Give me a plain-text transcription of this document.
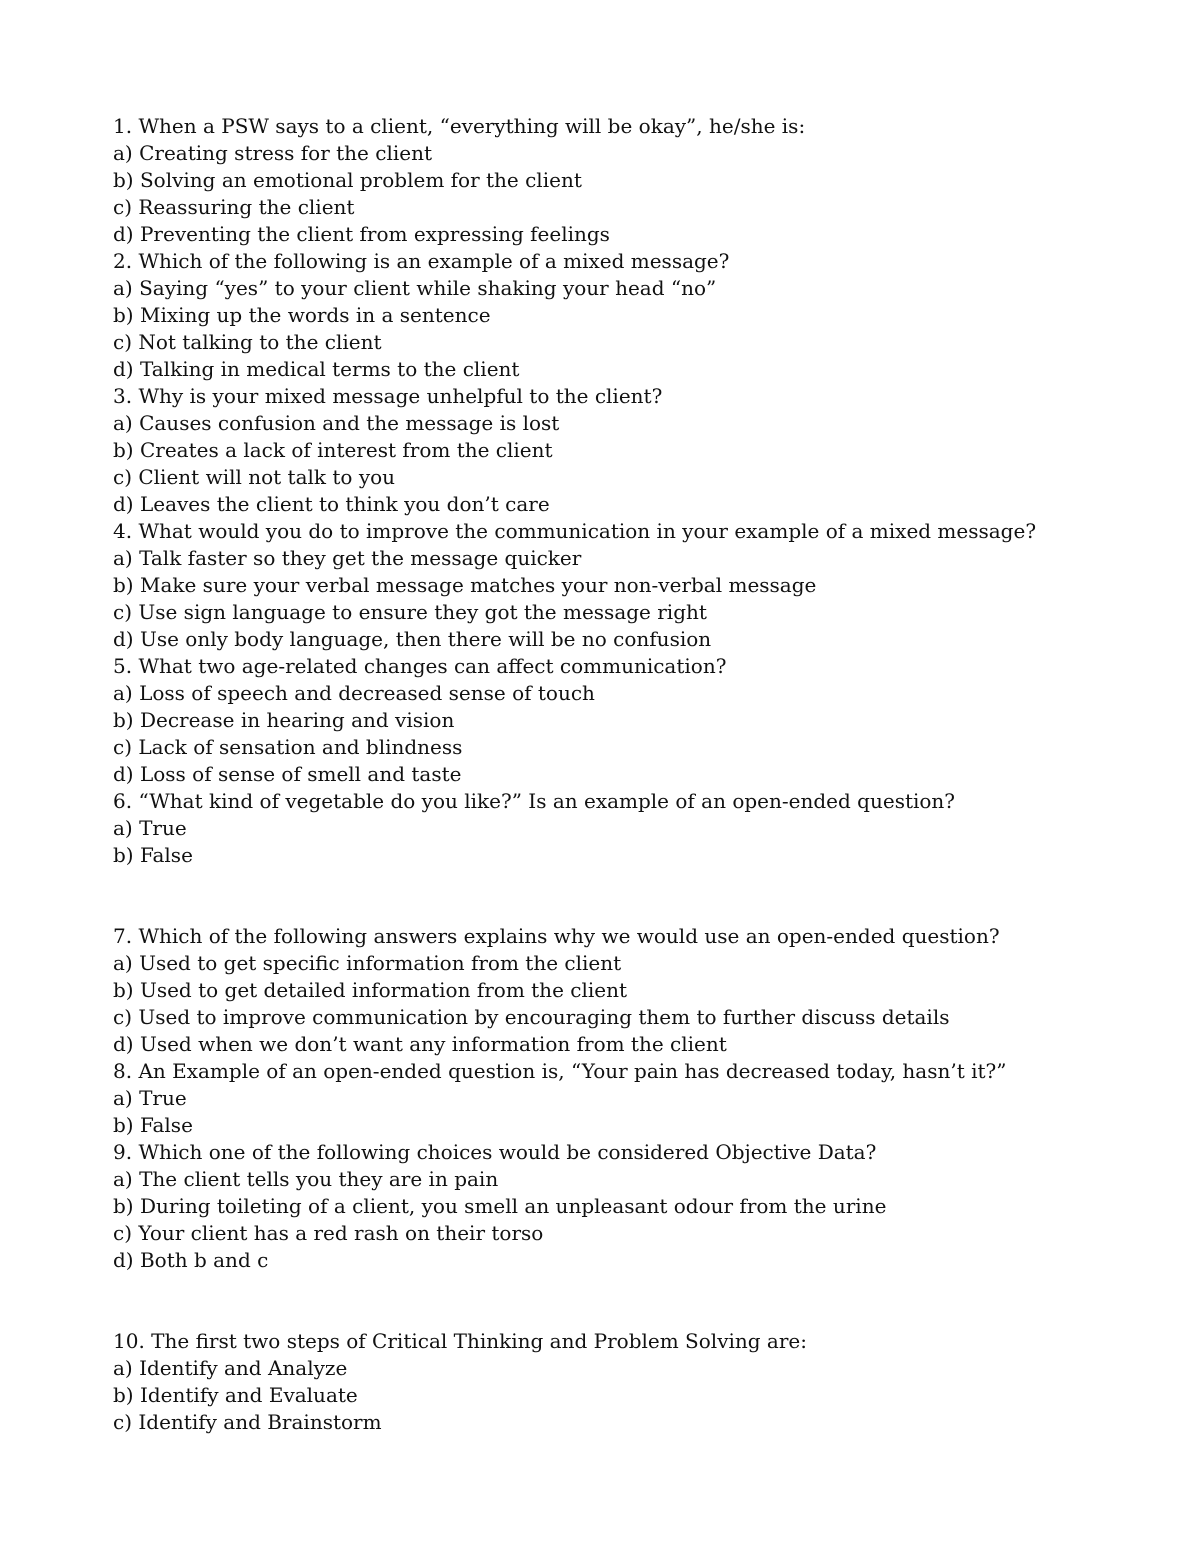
1. When a PSW says to a client, “everything will be okay”, he/she is:
a) Creating stress for the client
b) Solving an emotional problem for the client
c) Reassuring the client
d) Preventing the client from expressing feelings
2. Which of the following is an example of a mixed message?
a) Saying “yes” to your client while shaking your head “no”
b) Mixing up the words in a sentence
c) Not talking to the client
d) Talking in medical terms to the client
3. Why is your mixed message unhelpful to the client?
a) Causes confusion and the message is lost
b) Creates a lack of interest from the client
c) Client will not talk to you
d) Leaves the client to think you don’t care
4. What would you do to improve the communication in your example of a mixed message?
a) Talk faster so they get the message quicker
b) Make sure your verbal message matches your non-verbal message
c) Use sign language to ensure they got the message right
d) Use only body language, then there will be no confusion
5. What two age-related changes can affect communication?
a) Loss of speech and decreased sense of touch
b) Decrease in hearing and vision
c) Lack of sensation and blindness
d) Loss of sense of smell and taste
6. “What kind of vegetable do you like?” Is an example of an open-ended question?
a) True
b) False
7. Which of the following answers explains why we would use an open-ended question?
a) Used to get specific information from the client
b) Used to get detailed information from the client
c) Used to improve communication by encouraging them to further discuss details
d) Used when we don’t want any information from the client
8. An Example of an open-ended question is, “Your pain has decreased today, hasn’t it?”
a) True
b) False
9. Which one of the following choices would be considered Objective Data?
a) The client tells you they are in pain
b) During toileting of a client, you smell an unpleasant odour from the urine
c) Your client has a red rash on their torso
d) Both b and c
10. The first two steps of Critical Thinking and Problem Solving are:
a) Identify and Analyze
b) Identify and Evaluate
c) Identify and Brainstorm
